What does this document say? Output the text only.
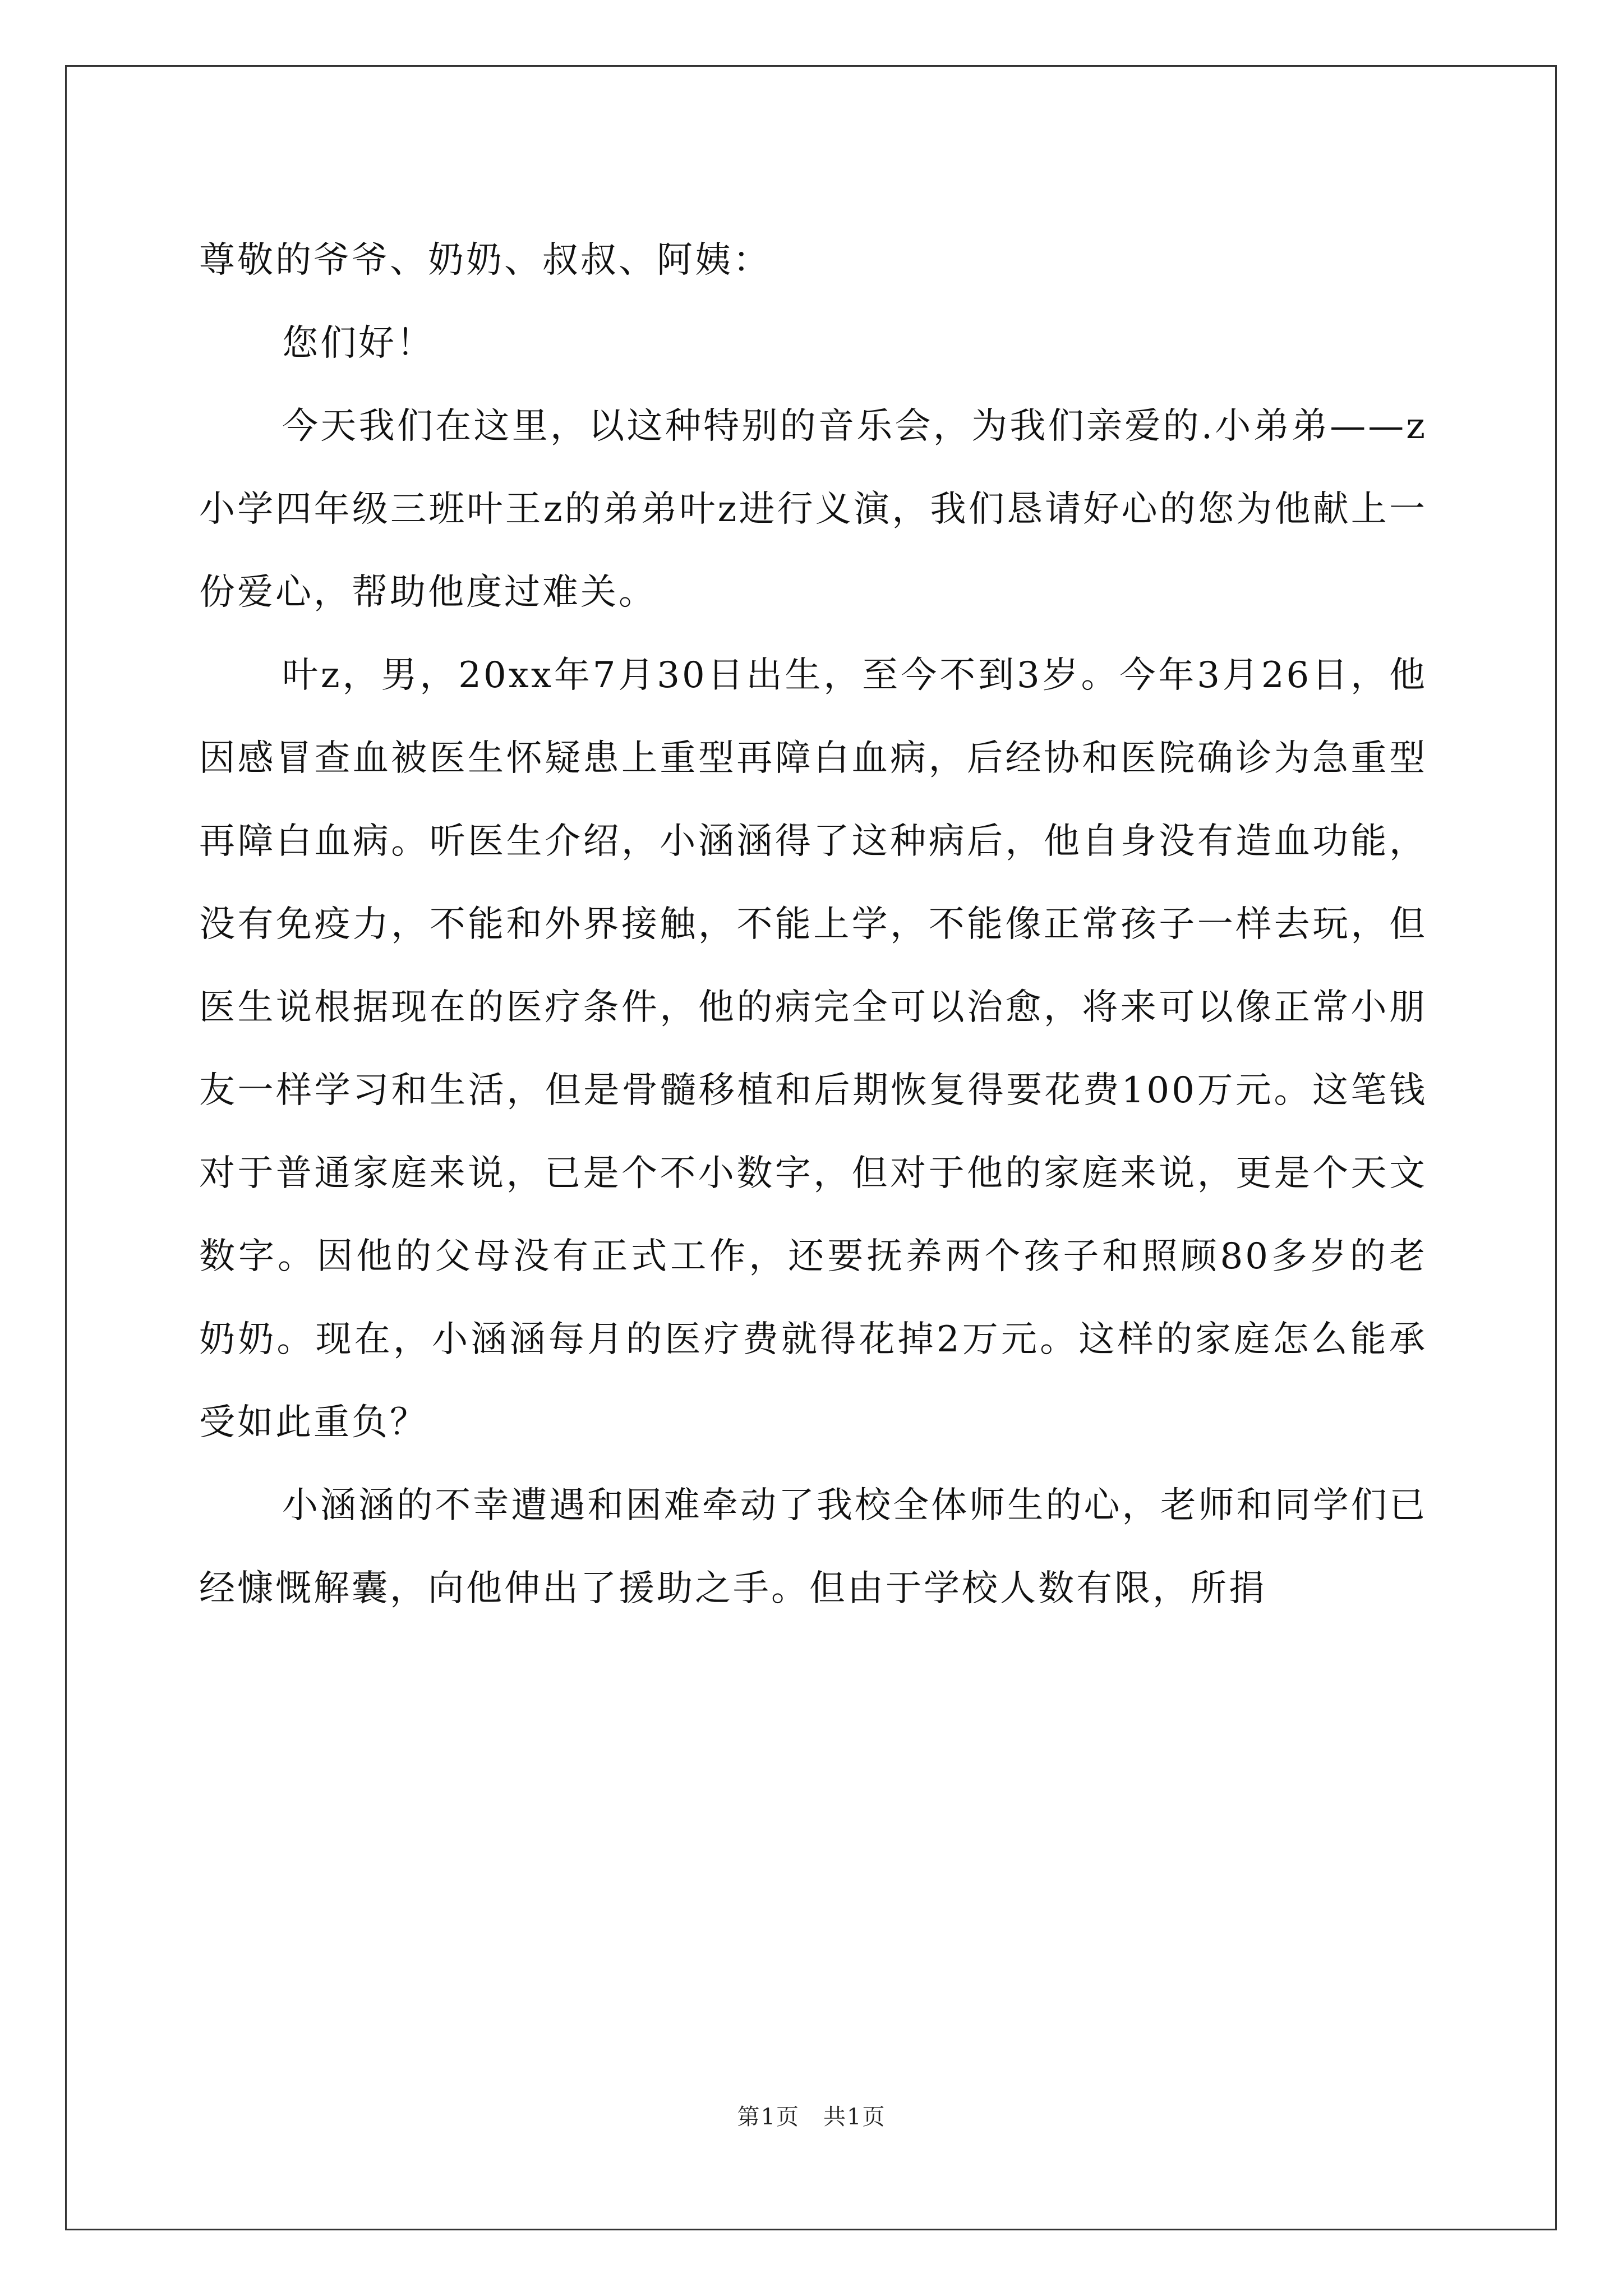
尊敬的爷爷、奶奶、叔叔、阿姨：

您们好！

今天我们在这里，以这种特别的音乐会，为我们亲爱的.小弟弟——z小学四年级三班叶王z的弟弟叶z进行义演，我们恳请好心的您为他献上一份爱心，帮助他度过难关。

叶z，男，20xx年7月30日出生，至今不到3岁。今年3月26日，他因感冒查血被医生怀疑患上重型再障白血病，后经协和医院确诊为急重型再障白血病。听医生介绍，小涵涵得了这种病后，他自身没有造血功能，没有免疫力，不能和外界接触，不能上学，不能像正常孩子一样去玩，但医生说根据现在的医疗条件，他的病完全可以治愈，将来可以像正常小朋友一样学习和生活，但是骨髓移植和后期恢复得要花费100万元。这笔钱对于普通家庭来说，已是个不小数字，但对于他的家庭来说，更是个天文数字。因他的父母没有正式工作，还要抚养两个孩子和照顾80多岁的老奶奶。现在，小涵涵每月的医疗费就得花掉2万元。这样的家庭怎么能承受如此重负？

小涵涵的不幸遭遇和困难牵动了我校全体师生的心，老师和同学们已经慷慨解囊，向他伸出了援助之手。但由于学校人数有限，所捐

第1页　共1页
